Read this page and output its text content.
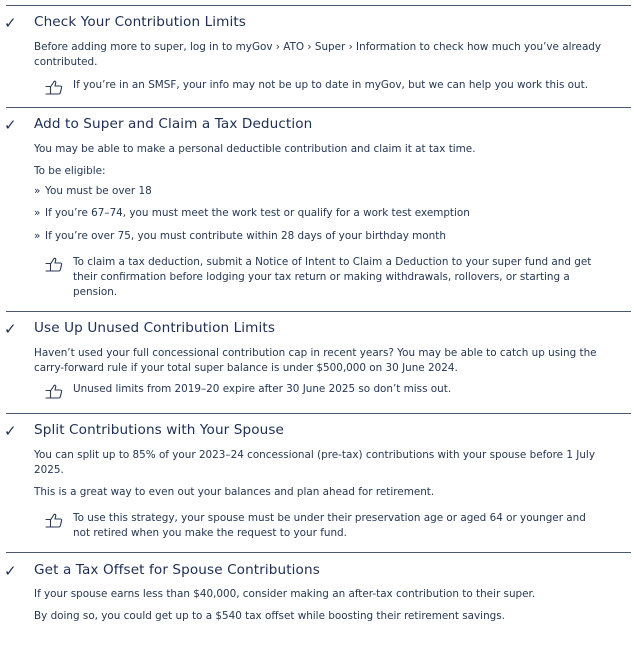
✓ Check Your Contribution Limits
Before adding more to super, log in to myGov › ATO › Super › Information to check how much you’ve already contributed.
If you’re in an SMSF, your info may not be up to date in myGov, but we can help you work this out.
✓ Add to Super and Claim a Tax Deduction
You may be able to make a personal deductible contribution and claim it at tax time.
To be eligible:
» You must be over 18
» If you’re 67–74, you must meet the work test or qualify for a work test exemption
» If you’re over 75, you must contribute within 28 days of your birthday month
To claim a tax deduction, submit a Notice of Intent to Claim a Deduction to your super fund and get their confirmation before lodging your tax return or making withdrawals, rollovers, or starting a pension.
✓ Use Up Unused Contribution Limits
Haven’t used your full concessional contribution cap in recent years? You may be able to catch up using the carry-forward rule if your total super balance is under $500,000 on 30 June 2024.
Unused limits from 2019–20 expire after 30 June 2025 so don’t miss out.
✓ Split Contributions with Your Spouse
You can split up to 85% of your 2023–24 concessional (pre-tax) contributions with your spouse before 1 July 2025.
This is a great way to even out your balances and plan ahead for retirement.
To use this strategy, your spouse must be under their preservation age or aged 64 or younger and not retired when you make the request to your fund.
✓ Get a Tax Offset for Spouse Contributions
If your spouse earns less than $40,000, consider making an after-tax contribution to their super.
By doing so, you could get up to a $540 tax offset while boosting their retirement savings.
